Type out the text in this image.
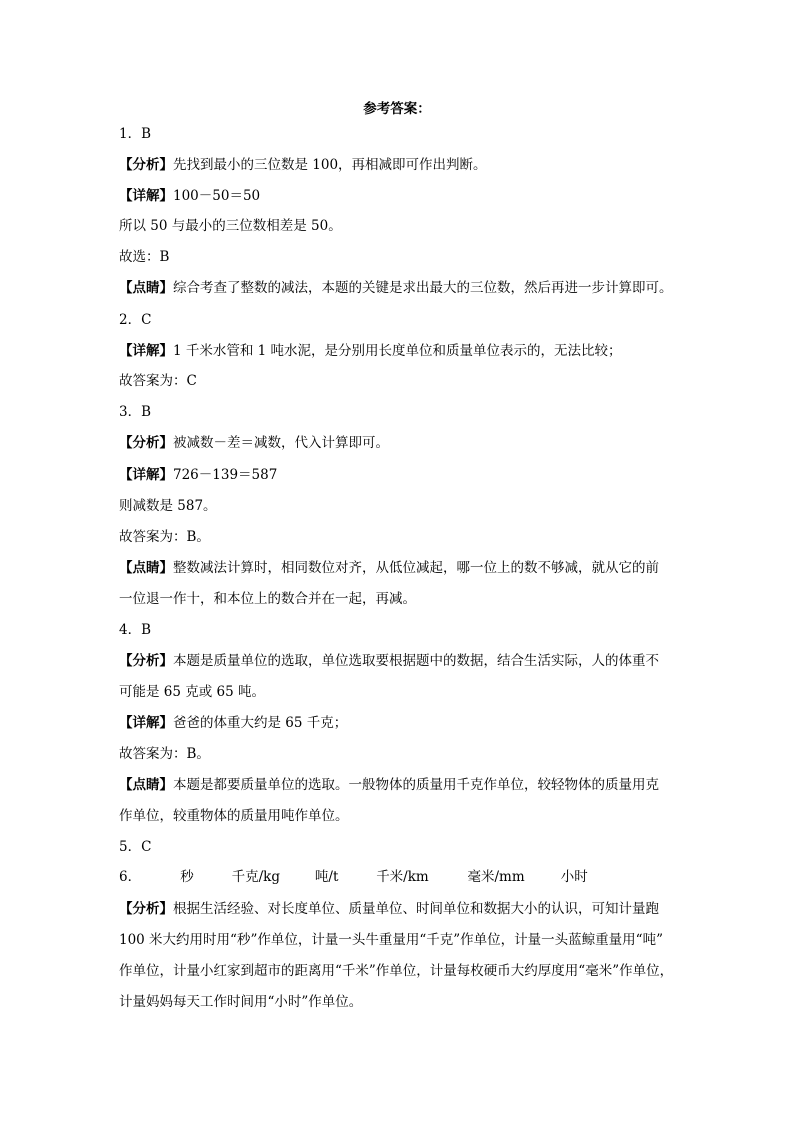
参考答案：
1．B
【分析】先找到最小的三位数是 100，再相减即可作出判断。
【详解】100－50＝50
所以 50 与最小的三位数相差是 50。
故选：B
【点睛】综合考查了整数的减法，本题的关键是求出最大的三位数，然后再进一步计算即可。
2．C
【详解】1 千米水管和 1 吨水泥，是分别用长度单位和质量单位表示的，无法比较；
故答案为：C
3．B
【分析】被减数－差＝减数，代入计算即可。
【详解】726－139＝587
则减数是 587。
故答案为：B。
【点睛】整数减法计算时，相同数位对齐，从低位减起，哪一位上的数不够减，就从它的前
一位退一作十，和本位上的数合并在一起，再减。
4．B
【分析】本题是质量单位的选取，单位选取要根据题中的数据，结合生活实际，人的体重不
可能是 65 克或 65 吨。
【详解】爸爸的体重大约是 65 千克；
故答案为：B。
【点睛】本题是都要质量单位的选取。一般物体的质量用千克作单位，较轻物体的质量用克
作单位，较重物体的质量用吨作单位。
5．C
6．	秒	千克/kg	吨/t	千米/km	毫米/mm	小时
【分析】根据生活经验、对长度单位、质量单位、时间单位和数据大小的认识，可知计量跑
100 米大约用时用“秒”作单位，计量一头牛重量用“千克”作单位，计量一头蓝鲸重量用“吨”
作单位，计量小红家到超市的距离用“千米”作单位，计量每枚硬币大约厚度用“毫米”作单位，
计量妈妈每天工作时间用“小时”作单位。
